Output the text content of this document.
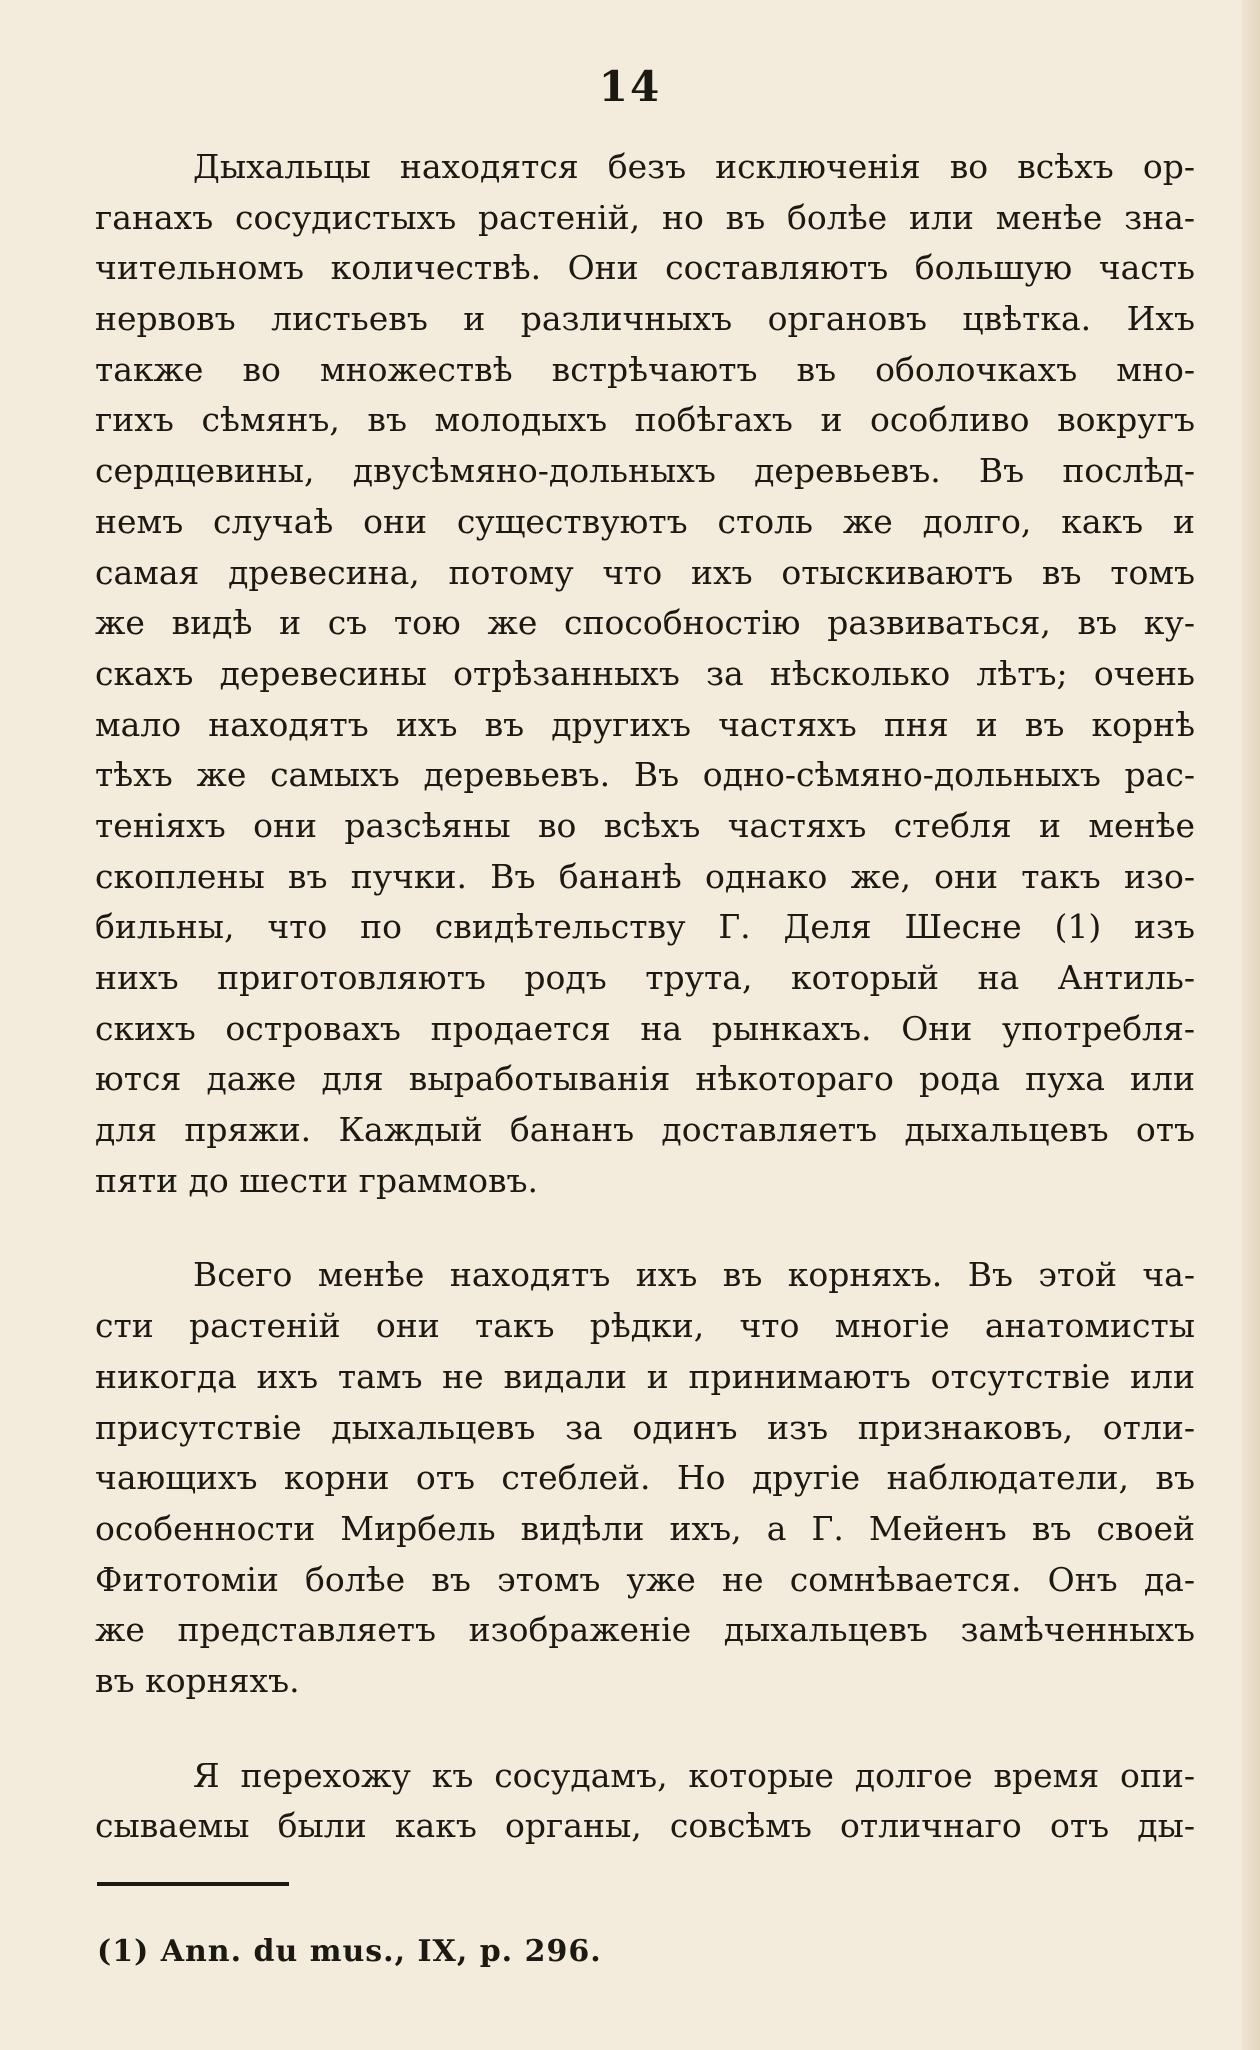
14
Дыхальцы находятся безъ исключенія во всѣхъ ор-
ганахъ сосудистыхъ растеній, но въ болѣе или менѣе зна-
чительномъ количествѣ. Они составляютъ большую часть
нервовъ листьевъ и различныхъ органовъ цвѣтка. Ихъ
также во множествѣ встрѣчаютъ въ оболочкахъ мно-
гихъ сѣмянъ, въ молодыхъ побѣгахъ и особливо вокругъ
сердцевины, двусѣмяно-дольныхъ деревьевъ. Въ послѣд-
немъ случаѣ они существуютъ столь же долго, какъ и
самая древесина, потому что ихъ отыскиваютъ въ томъ
же видѣ и съ тою же способностію развиваться, въ ку-
скахъ деревесины отрѣзанныхъ за нѣсколько лѣтъ; очень
мало находятъ ихъ въ другихъ частяхъ пня и въ корнѣ
тѣхъ же самыхъ деревьевъ. Въ одно-сѣмяно-дольныхъ рас-
теніяхъ они разсѣяны во всѣхъ частяхъ стебля и менѣе
скоплены въ пучки. Въ бананѣ однако же, они такъ изо-
бильны, что по свидѣтельству Г. Деля Шесне (1) изъ
нихъ приготовляютъ родъ трута, который на Антиль-
скихъ островахъ продается на рынкахъ. Они употребля-
ются даже для выработыванія нѣкотораго рода пуха или
для пряжи. Каждый бананъ доставляетъ дыхальцевъ отъ
пяти до шести граммовъ.
Всего менѣе находятъ ихъ въ корняхъ. Въ этой ча-
сти растеній они такъ рѣдки, что многіе анатомисты
никогда ихъ тамъ не видали и принимаютъ отсутствіе или
присутствіе дыхальцевъ за одинъ изъ признаковъ, отли-
чающихъ корни отъ стеблей. Но другіе наблюдатели, въ
особенности Мирбель видѣли ихъ, а Г. Мейенъ въ своей
Фитотоміи болѣе въ этомъ уже не сомнѣвается. Онъ да-
же представляетъ изображеніе дыхальцевъ замѣченныхъ
въ корняхъ.
Я перехожу къ сосудамъ, которые долгое время опи-
сываемы были какъ органы, совсѣмъ отличнаго отъ ды-
(1) Ann. du mus., IX, p. 296.
